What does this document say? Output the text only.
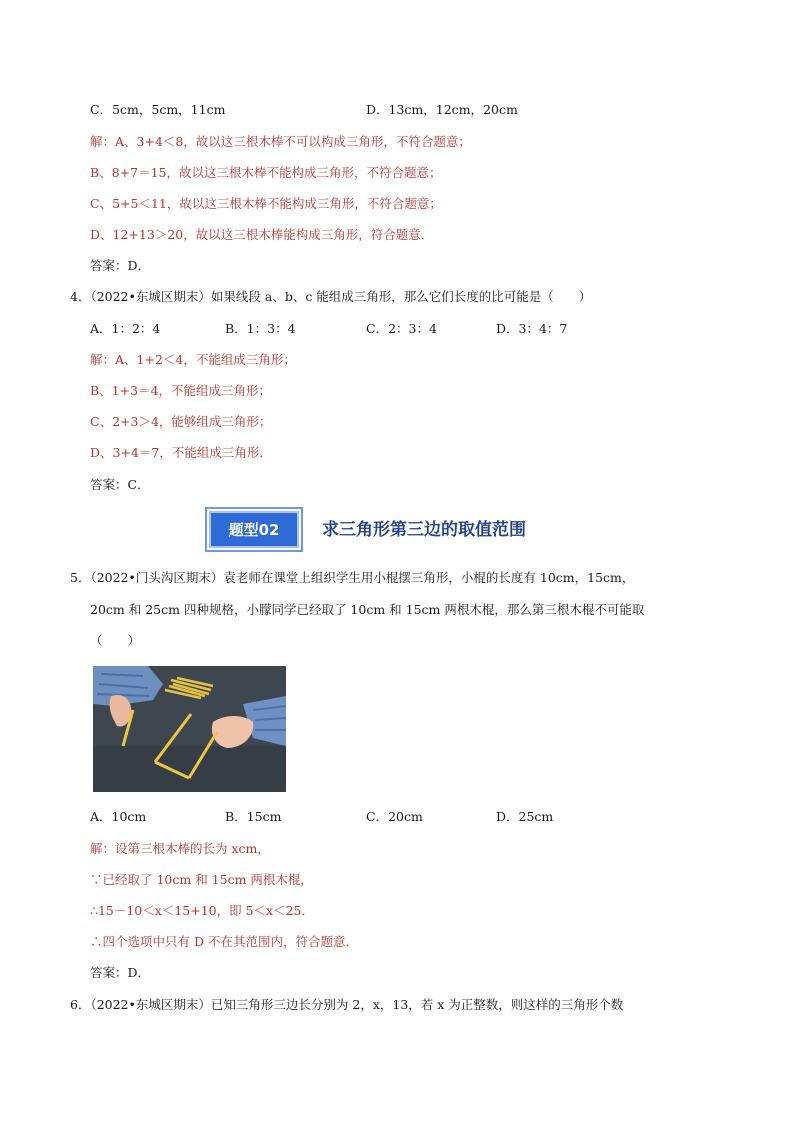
C．5cm，5cm，11cm	D．13cm，12cm，20cm
解：A、3+4＜8，故以这三根木棒不可以构成三角形，不符合题意；
B、8+7＝15，故以这三根木棒不能构成三角形，不符合题意；
C、5+5＜11，故以这三根木棒不能构成三角形，不符合题意；
D、12+13＞20，故以这三根木棒能构成三角形，符合题意．
答案：D．
4．（2022•东城区期末）如果线段 a、b、c 能组成三角形，那么它们长度的比可能是（　　）
A．1：2：4	B．1：3：4	C．2：3：4	D．3：4：7
解：A、1+2＜4，不能组成三角形；
B、1+3＝4，不能组成三角形；
C、2+3＞4，能够组成三角形；
D、3+4＝7，不能组成三角形．
答案：C．
题型02	求三角形第三边的取值范围
5．（2022•门头沟区期末）袁老师在课堂上组织学生用小棍摆三角形，小棍的长度有 10cm，15cm，
20cm 和 25cm 四种规格，小朦同学已经取了 10cm 和 15cm 两根木棍，那么第三根木棍不可能取
（　　）
A．10cm	B．15cm	C．20cm	D．25cm
解：设第三根木棒的长为 xcm，
∵已经取了 10cm 和 15cm 两根木棍，
∴15－10＜x＜15+10，即 5＜x＜25．
∴四个选项中只有 D 不在其范围内，符合题意．
答案：D．
6．（2022•东城区期末）已知三角形三边长分别为 2，x，13，若 x 为正整数，则这样的三角形个数
